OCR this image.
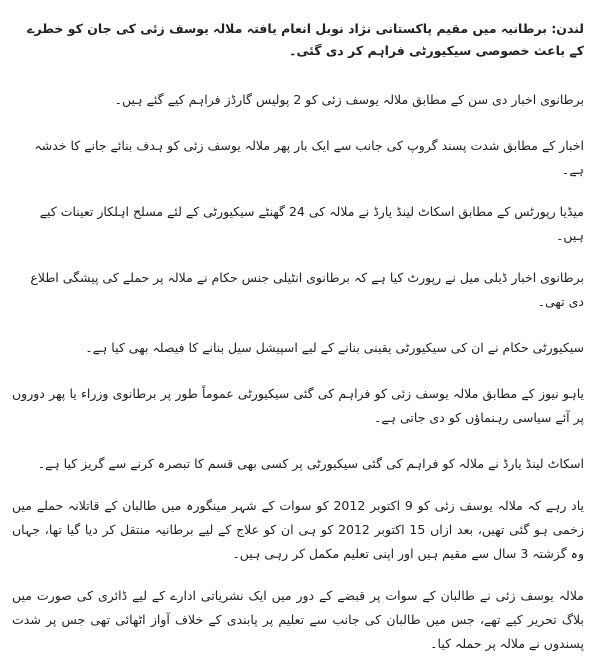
لندن: برطانیہ میں مقیم پاکستانی نژاد نوبل انعام یافتہ ملالہ یوسف زئی کی جان کو خطرے کے باعث خصوصی سیکیورٹی فراہم کر دی گئی۔

برطانوی اخبار دی سن کے مطابق ملالہ یوسف زئی کو 2 پولیس گارڈز فراہم کیے گئے ہیں۔

اخبار کے مطابق شدت پسند گروپ کی جانب سے ایک بار پھر ملالہ یوسف زئی کو ہدف بنائے جانے کا خدشہ ہے۔

میڈیا رپورٹس کے مطابق اسکاٹ لینڈ یارڈ نے ملالہ کی 24 گھنٹے سیکیورٹی کے لئے مسلح اہلکار تعینات کیے ہیں۔

برطانوی اخبار ڈیلی میل نے رپورٹ کیا ہے کہ برطانوی انٹیلی جنس حکام نے ملالہ پر حملے کی پیشگی اطلاع دی تھی۔

سیکیورٹی حکام نے ان کی سیکیورٹی یقینی بنانے کے لیے اسپیشل سیل بنانے کا فیصلہ بھی کیا ہے۔

یاہو نیوز کے مطابق ملالہ یوسف زئی کو فراہم کی گئی سیکیورٹی عموماً طور پر برطانوی وزراء یا پھر دوروں پر آئے سیاسی رہنماؤں کو دی جاتی ہے۔

اسکاٹ لینڈ یارڈ نے ملالہ کو فراہم کی گئی سیکیورٹی پر کسی بھی قسم کا تبصرہ کرنے سے گریز کیا ہے۔

یاد رہے کہ ملالہ یوسف زئی کو 9 اکتوبر 2012 کو سوات کے شہر مینگورہ میں طالبان کے قاتلانہ حملے میں زخمی ہو گئی تھیں، بعد ازاں 15 اکتوبر 2012 کو ہی ان کو علاج کے لیے برطانیہ منتقل کر دیا گیا تھا، جہاں وہ گزشتہ 3 سال سے مقیم ہیں اور اپنی تعلیم مکمل کر رہی ہیں۔

ملالہ یوسف زئی نے طالبان کے سوات پر قبضے کے دور میں ایک نشریاتی ادارے کے لیے ڈائری کی صورت میں بلاگ تحریر کیے تھے، جس میں طالبان کی جانب سے تعلیم پر پابندی کے خلاف آواز اٹھائی تھی جس پر شدت پسندوں نے ملالہ پر حملہ کیا۔
